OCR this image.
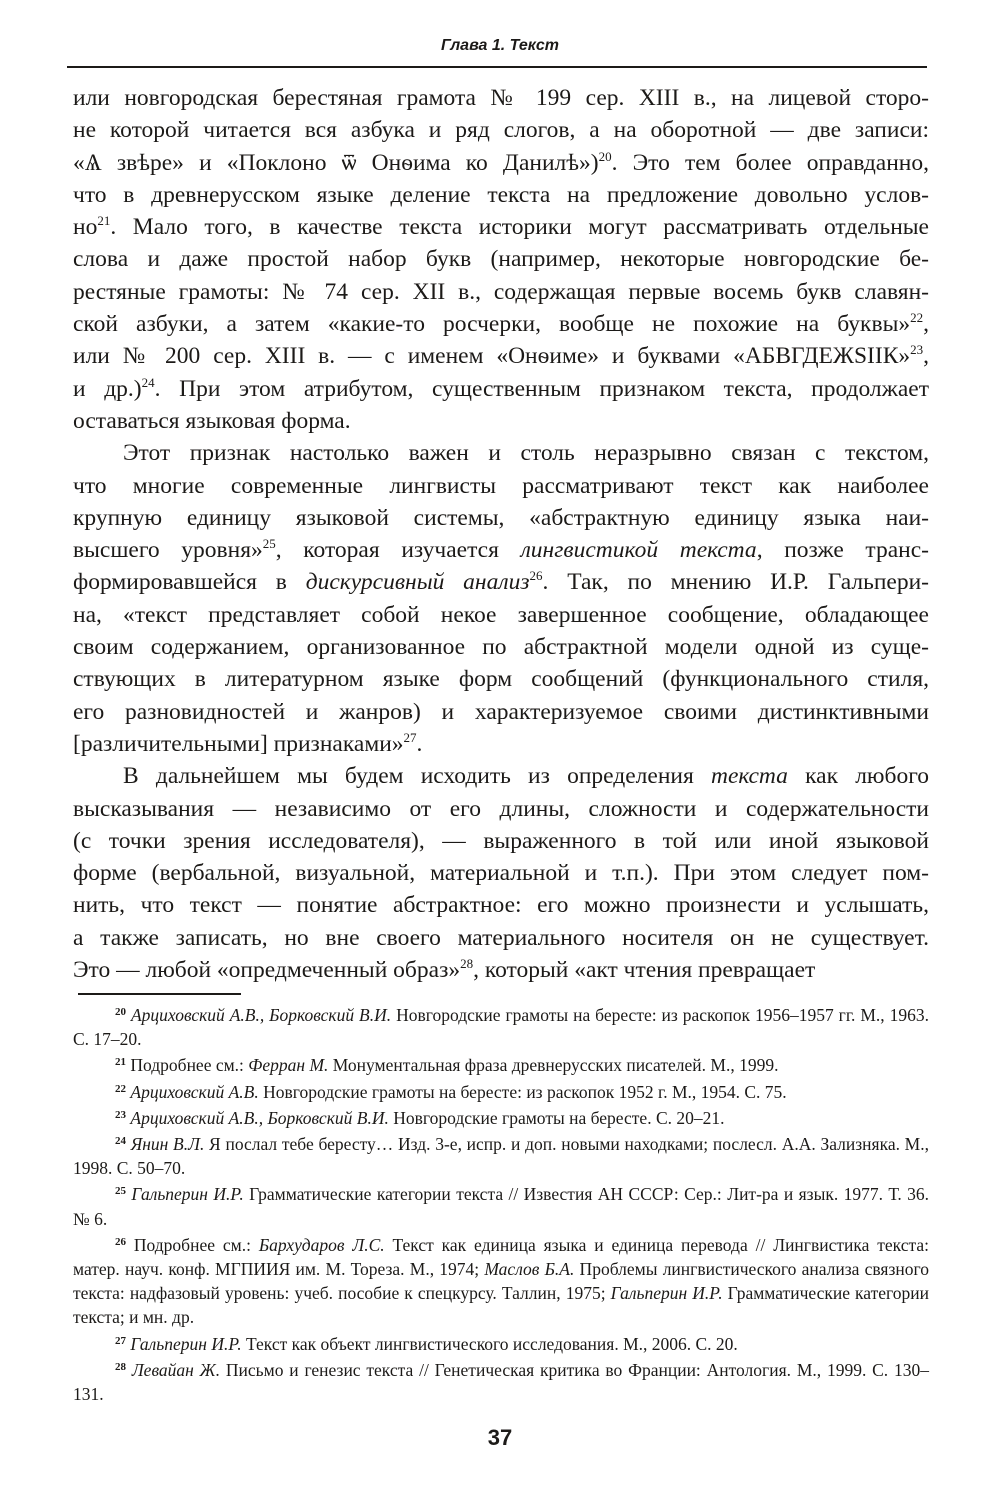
Глава 1. Текст

или новгородская берестяная грамота № 199 сер. XIII в., на лицевой сторо-

не которой читается вся азбука и ряд слогов, а на оборотной — две записи:

«Ѧ звѣре» и «Поклоно ѿ Онѳима ко Данилѣ»)$^{20}$. Это тем более оправданно,

что в древнерусском языке деление текста на предложение довольно услов-

$но^{21}$. Мало того, в качестве текста историки могут рассматривать отдельные

слова и даже простой набор букв (например, некоторые новгородские бе-

рестяные грамоты: № 74 сер. XII в., содержащая первые восемь букв славян-

ской азбуки, а затем «какие-то росчерки, вообще не похожие на буквы»$^{22}$,

или № 200 сер. XIII в. — с именем «Онѳиме» и буквами «АБВГДЕЖЅІІК»$^{23}$,

и др.)$^{24}$. При этом атрибутом, существенным признаком текста, продолжает

оставаться языковая форма.

Этот признак настолько важен и столь неразрывно связан с текстом,

что многие современные лингвисты рассматривают текст как наиболее

крупную единицу языковой системы, «абстрактную единицу языка наи-

высшего уровня»$^{25}$, которая изучается лингвистикой текста, позже транс-

формировавшейся в дискурсивный анализ$^{26}$. Так, по мнению И.Р. Гальпери-

на, «текст представляет собой некое завершенное сообщение, обладающее

своим содержанием, организованное по абстрактной модели одной из суще-

ствующих в литературном языке форм сообщений (функционального стиля,

его разновидностей и жанров) и характеризуемое своими дистинктивными

[различительными] признаками»$^{27}$.

В дальнейшем мы будем исходить из определения текста как любого

высказывания — независимо от его длины, сложности и содержательности

(с точки зрения исследователя), — выраженного в той или иной языковой

форме (вербальной, визуальной, материальной и т.п.). При этом следует пом-

нить, что текст — понятие абстрактное: его можно произнести и услышать,

а также записать, но вне своего материального носителя он не существует.

Это — любой «опредмеченный образ»$^{28}$, который «акт чтения превращает

$^{20}$ Арциховский А.В., Борковский В.И. Новгородские грамоты на бересте: из раскопок 1956–1957 гг. М., 1963. С. 17–20.

$^{21}$ Подробнее см.: Ферран М. Монументальная фраза древнерусских писателей. М., 1999.

$^{22}$ Арциховский А.В. Новгородские грамоты на бересте: из раскопок 1952 г. М., 1954. С. 75.

$^{23}$ Арциховский А.В., Борковский В.И. Новгородские грамоты на бересте. С. 20–21.

$^{24}$ Янин В.Л. Я послал тебе бересту… Изд. 3-е, испр. и доп. новыми находками; послесл. А.А. Зализняка. М., 1998. С. 50–70.

$^{25}$ Гальперин И.Р. Грамматические категории текста // Известия АН СССР: Сер.: Лит-ра и язык. 1977. Т. 36. № 6.

$^{26}$ Подробнее см.: Бархударов Л.С. Текст как единица языка и единица перевода // Лингвистика текста: матер. науч. конф. МГПИИЯ им. М. Тореза. М., 1974; Маслов Б.А. Проблемы лингвистического анализа связного текста: надфазовый уровень: учеб. пособие к спецкурсу. Таллин, 1975; Гальперин И.Р. Грамматические категории текста; и мн. др.

$^{27}$ Гальперин И.Р. Текст как объект лингвистического исследования. М., 2006. С. 20.

$^{28}$ Левайан Ж. Письмо и генезис текста // Генетическая критика во Франции: Антология. М., 1999. С. 130–131.

37
